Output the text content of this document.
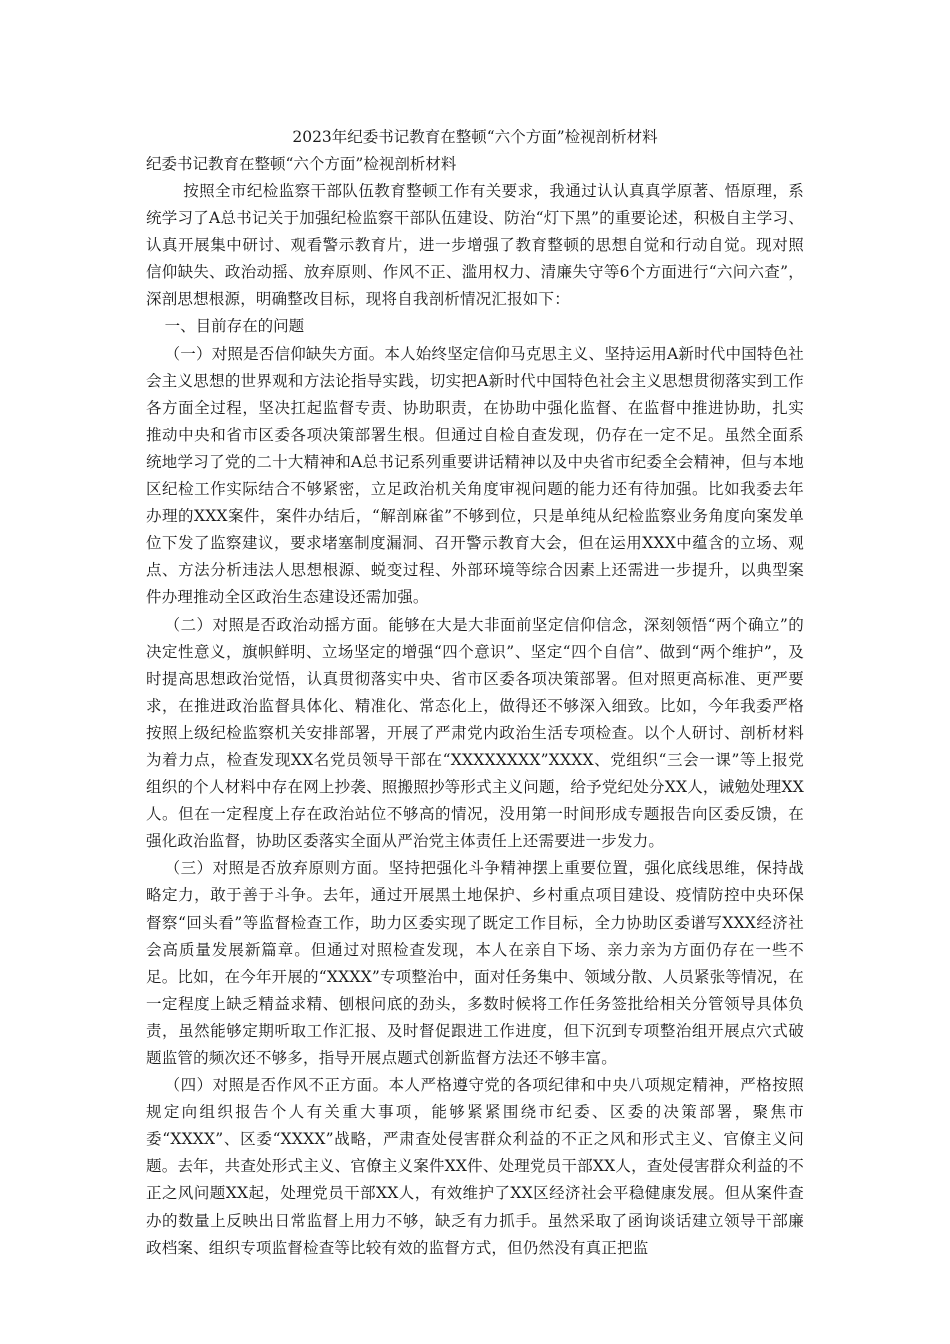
2023年纪委书记教育在整顿“六个方面”检视剖析材料
纪委书记教育在整顿“六个方面”检视剖析材料

按照全市纪检监察干部队伍教育整顿工作有关要求，我通过认认真真学原著、悟原理，系统学习了A总书记关于加强纪检监察干部队伍建设、防治“灯下黑”的重要论述，积极自主学习、认真开展集中研讨、观看警示教育片，进一步增强了教育整顿的思想自觉和行动自觉。现对照信仰缺失、政治动摇、放弃原则、作风不正、滥用权力、清廉失守等6个方面进行“六问六查”，深剖思想根源，明确整改目标，现将自我剖析情况汇报如下：

一、目前存在的问题

（一）对照是否信仰缺失方面。本人始终坚定信仰马克思主义、坚持运用A新时代中国特色社会主义思想的世界观和方法论指导实践，切实把A新时代中国特色社会主义思想贯彻落实到工作各方面全过程，坚决扛起监督专责、协助职责，在协助中强化监督、在监督中推进协助，扎实推动中央和省市区委各项决策部署生根。但通过自检自查发现，仍存在一定不足。虽然全面系统地学习了党的二十大精神和A总书记系列重要讲话精神以及中央省市纪委全会精神，但与本地区纪检工作实际结合不够紧密，立足政治机关角度审视问题的能力还有待加强。比如我委去年办理的XXX案件，案件办结后，“解剖麻雀”不够到位，只是单纯从纪检监察业务角度向案发单位下发了监察建议，要求堵塞制度漏洞、召开警示教育大会，但在运用XXX中蕴含的立场、观点、方法分析违法人思想根源、蜕变过程、外部环境等综合因素上还需进一步提升，以典型案件办理推动全区政治生态建设还需加强。

（二）对照是否政治动摇方面。能够在大是大非面前坚定信仰信念，深刻领悟“两个确立”的决定性意义，旗帜鲜明、立场坚定的增强“四个意识”、坚定“四个自信”、做到“两个维护”，及时提高思想政治觉悟，认真贯彻落实中央、省市区委各项决策部署。但对照更高标准、更严要求，在推进政治监督具体化、精准化、常态化上，做得还不够深入细致。比如，今年我委严格按照上级纪检监察机关安排部署，开展了严肃党内政治生活专项检查。以个人研讨、剖析材料为着力点，检查发现XX名党员领导干部在“XXXXXXXX”XXXX、党组织“三会一课”等上报党组织的个人材料中存在网上抄袭、照搬照抄等形式主义问题，给予党纪处分XX人，诫勉处理XX人。但在一定程度上存在政治站位不够高的情况，没用第一时间形成专题报告向区委反馈，在强化政治监督，协助区委落实全面从严治党主体责任上还需要进一步发力。

（三）对照是否放弃原则方面。坚持把强化斗争精神摆上重要位置，强化底线思维，保持战略定力，敢于善于斗争。去年，通过开展黑土地保护、乡村重点项目建设、疫情防控中央环保督察“回头看”等监督检查工作，助力区委实现了既定工作目标，全力协助区委谱写XXX经济社会高质量发展新篇章。但通过对照检查发现，本人在亲自下场、亲力亲为方面仍存在一些不足。比如，在今年开展的“XXXX”专项整治中，面对任务集中、领域分散、人员紧张等情况，在一定程度上缺乏精益求精、刨根问底的劲头，多数时候将工作任务签批给相关分管领导具体负责，虽然能够定期听取工作汇报、及时督促跟进工作进度，但下沉到专项整治组开展点穴式破题监管的频次还不够多，指导开展点题式创新监督方法还不够丰富。

（四）对照是否作风不正方面。本人严格遵守党的各项纪律和中央八项规定精神，严格按照规定向组织报告个人有关重大事项，能够紧紧围绕市纪委、区委的决策部署，聚焦市委“XXXX”、区委“XXXX”战略，严肃查处侵害群众利益的不正之风和形式主义、官僚主义问题。去年，共查处形式主义、官僚主义案件XX件、处理党员干部XX人，查处侵害群众利益的不正之风问题XX起，处理党员干部XX人，有效维护了XX区经济社会平稳健康发展。但从案件查办的数量上反映出日常监督上用力不够，缺乏有力抓手。虽然采取了函询谈话建立领导干部廉政档案、组织专项监督检查等比较有效的监督方式，但仍然没有真正把监
